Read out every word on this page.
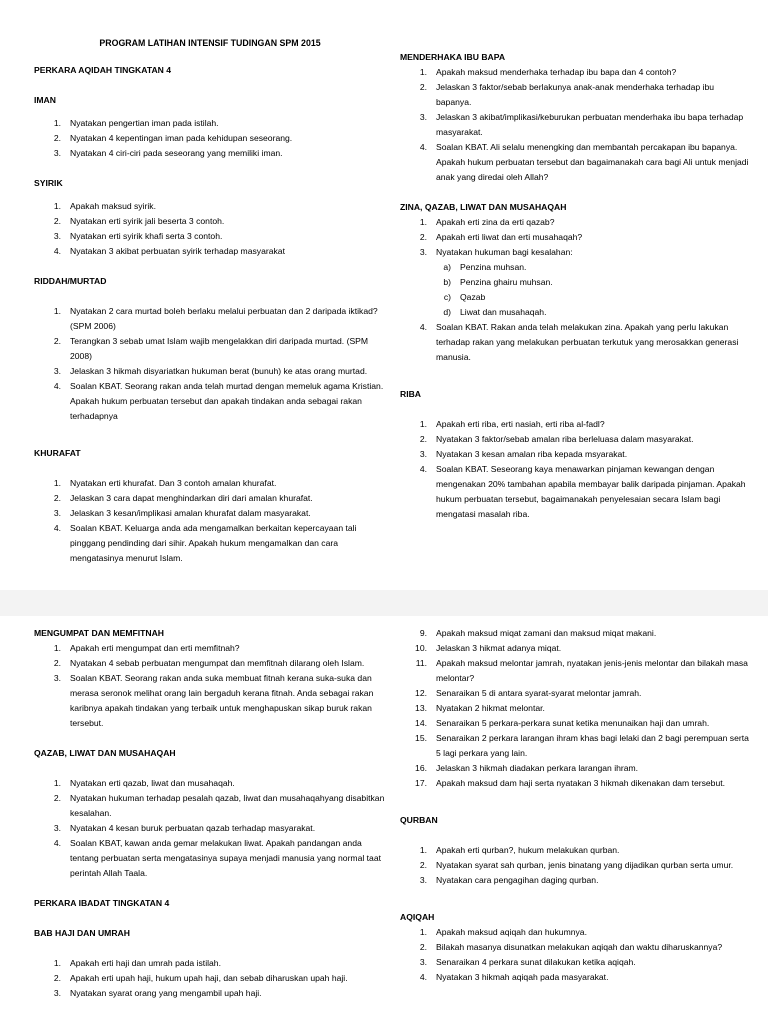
PROGRAM LATIHAN INTENSIF TUDINGAN SPM 2015
PERKARA AQIDAH TINGKATAN 4
IMAN
1.	Nyatakan pengertian iman pada istilah.
2.	Nyatakan 4 kepentingan iman pada kehidupan seseorang.
3.	Nyatakan 4 ciri-ciri pada seseorang yang memiliki iman.
SYIRIK
1.	Apakah maksud syirik.
2.	Nyatakan erti syirik jali beserta 3 contoh.
3.	Nyatakan erti syirik khafi serta 3 contoh.
4.	Nyatakan 3 akibat perbuatan syirik terhadap masyarakat
RIDDAH/MURTAD
1.	Nyatakan 2 cara murtad boleh berlaku melalui perbuatan dan 2 daripada iktikad? (SPM 2006)
2.	Terangkan 3 sebab umat Islam wajib mengelakkan diri daripada murtad. (SPM 2008)
3.	Jelaskan 3 hikmah disyariatkan hukuman berat (bunuh) ke atas orang murtad.
4.	Soalan KBAT. Seorang rakan anda telah murtad dengan memeluk agama Kristian. Apakah hukum perbuatan tersebut dan apakah tindakan anda sebagai rakan terhadapnya
KHURAFAT
1.	Nyatakan erti khurafat. Dan 3 contoh amalan khurafat.
2.	Jelaskan 3 cara dapat menghindarkan diri dari amalan khurafat.
3.	Jelaskan 3 kesan/implikasi amalan khurafat dalam masyarakat.
4.	Soalan KBAT. Keluarga anda ada mengamalkan berkaitan kepercayaan tali pinggang pendinding dari sihir. Apakah hukum mengamalkan dan cara mengatasinya menurut Islam.
MENDERHAKA IBU BAPA
1.	Apakah maksud menderhaka terhadap ibu bapa dan 4 contoh?
2.	Jelaskan 3 faktor/sebab berlakunya anak-anak menderhaka terhadap ibu bapanya.
3.	Jelaskan 3 akibat/implikasi/keburukan perbuatan menderhaka ibu bapa terhadap masyarakat.
4.	Soalan KBAT. Ali selalu menengking dan membantah percakapan ibu bapanya. Apakah hukum perbuatan tersebut dan bagaimanakah cara bagi Ali untuk menjadi anak yang diredai oleh Allah?
ZINA, QAZAB, LIWAT DAN MUSAHAQAH
1.	Apakah erti zina da erti qazab?
2.	Apakah erti liwat dan erti musahaqah?
3.	Nyatakan hukuman bagi kesalahan:
a)	Penzina muhsan.
b)	Penzina ghairu muhsan.
c)	Qazab
d)	Liwat dan musahaqah.
4.	Soalan KBAT. Rakan anda telah melakukan zina. Apakah yang perlu lakukan terhadap rakan yang melakukan perbuatan terkutuk yang merosakkan generasi manusia.
RIBA
1.	Apakah erti riba, erti nasiah, erti riba al-fadl?
2.	Nyatakan 3 faktor/sebab amalan riba berleluasa dalam masyarakat.
3.	Nyatakan 3 kesan amalan riba kepada msyarakat.
4.	Soalan KBAT. Seseorang kaya menawarkan pinjaman kewangan dengan mengenakan 20% tambahan apabila membayar balik daripada pinjaman. Apakah hukum perbuatan tersebut, bagaimanakah penyelesaian secara Islam bagi mengatasi masalah riba.
MENGUMPAT DAN MEMFITNAH
1.	Apakah erti mengumpat dan erti memfitnah?
2.	Nyatakan 4 sebab perbuatan mengumpat dan memfitnah dilarang oleh Islam.
3.	Soalan KBAT. Seorang rakan anda suka membuat fitnah kerana suka-suka dan merasa seronok melihat orang lain bergaduh kerana fitnah. Anda sebagai rakan karibnya apakah tindakan yang terbaik untuk menghapuskan sikap buruk rakan tersebut.
QAZAB, LIWAT DAN MUSAHAQAH
1.	Nyatakan erti qazab, liwat dan musahaqah.
2.	Nyatakan hukuman terhadap pesalah qazab, liwat dan musahaqahyang disabitkan kesalahan.
3.	Nyatakan 4 kesan buruk perbuatan qazab terhadap masyarakat.
4.	Soalan KBAT, kawan anda gemar melakukan liwat. Apakah pandangan anda tentang perbuatan serta mengatasinya supaya menjadi manusia yang normal taat perintah Allah Taala.
PERKARA IBADAT TINGKATAN 4
BAB HAJI DAN UMRAH
1.	Apakah erti haji dan umrah pada istilah.
2.	Apakah erti upah haji, hukum upah haji, dan sebab diharuskan upah haji.
3.	Nyatakan syarat orang yang mengambil upah haji.
9.	Apakah maksud miqat zamani dan maksud miqat makani.
10.	Jelaskan 3 hikmat adanya miqat.
11.	Apakah maksud melontar jamrah, nyatakan jenis-jenis melontar dan bilakah masa melontar?
12.	Senaraikan 5 di antara syarat-syarat melontar jamrah.
13.	Nyatakan 2 hikmat melontar.
14.	Senaraikan 5 perkara-perkara sunat ketika menunaikan haji dan umrah.
15.	Senaraikan 2 perkara larangan ihram khas bagi lelaki dan 2 bagi perempuan serta 5 lagi perkara yang lain.
16.	Jelaskan 3 hikmah diadakan perkara larangan ihram.
17.	Apakah maksud dam haji serta nyatakan 3 hikmah dikenakan dam tersebut.
QURBAN
1.	Apakah erti qurban?, hukum melakukan qurban.
2.	Nyatakan syarat sah qurban, jenis binatang yang dijadikan qurban serta umur.
3.	Nyatakan cara pengagihan daging qurban.
AQIQAH
1.	Apakah maksud aqiqah dan hukumnya.
2.	Bilakah masanya disunatkan melakukan aqiqah dan waktu diharuskannya?
3.	Senaraikan 4 perkara sunat dilakukan ketika aqiqah.
4.	Nyatakan 3 hikmah aqiqah pada masyarakat.
